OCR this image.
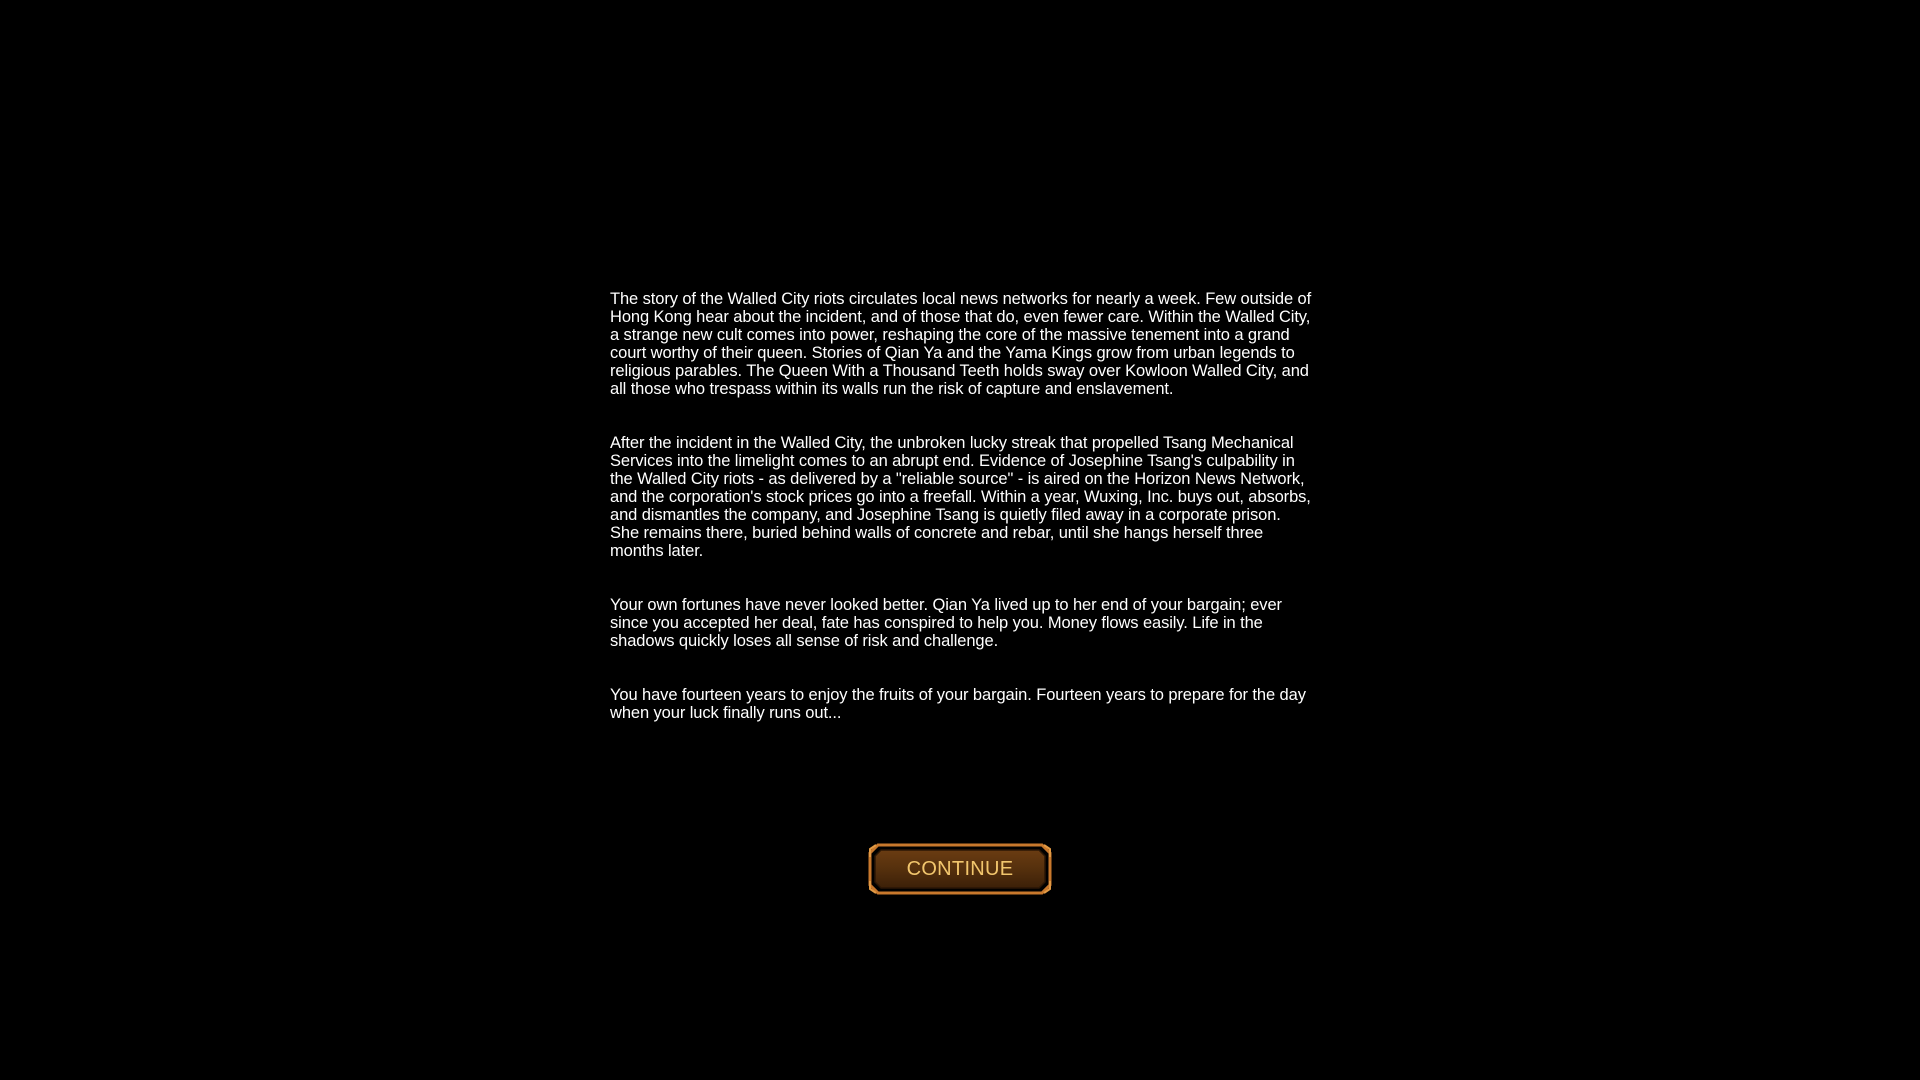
The story of the Walled City riots circulates local news networks for nearly a week. Few outside of Hong Kong hear about the incident, and of those that do, even fewer care. Within the Walled City, a strange new cult comes into power, reshaping the core of the massive tenement into a grand court worthy of their queen. Stories of Qian Ya and the Yama Kings grow from urban legends to religious parables. The Queen With a Thousand Teeth holds sway over Kowloon Walled City, and all those who trespass within its walls run the risk of capture and enslavement.

After the incident in the Walled City, the unbroken lucky streak that propelled Tsang Mechanical Services into the limelight comes to an abrupt end. Evidence of Josephine Tsang's culpability in the Walled City riots - as delivered by a "reliable source" - is aired on the Horizon News Network, and the corporation's stock prices go into a freefall. Within a year, Wuxing, Inc. buys out, absorbs, and dismantles the company, and Josephine Tsang is quietly filed away in a corporate prison. She remains there, buried behind walls of concrete and rebar, until she hangs herself three months later.

Your own fortunes have never looked better. Qian Ya lived up to her end of your bargain; ever since you accepted her deal, fate has conspired to help you. Money flows easily. Life in the shadows quickly loses all sense of risk and challenge.

You have fourteen years to enjoy the fruits of your bargain. Fourteen years to prepare for the day when your luck finally runs out...

CONTINUE
